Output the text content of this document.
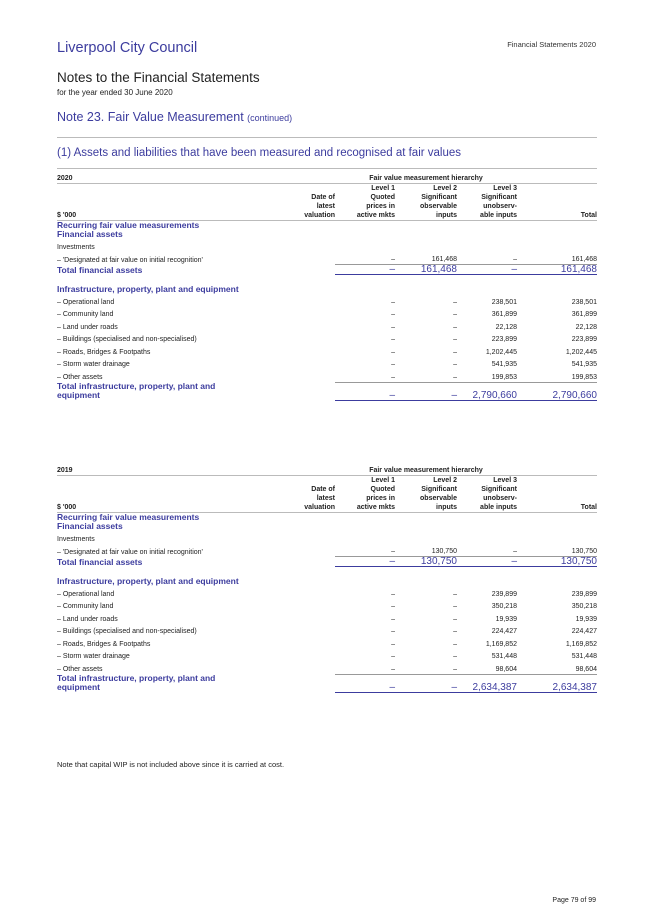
Liverpool City Council	Financial Statements 2020
Notes to the Financial Statements
for the year ended 30 June 2020
Note 23. Fair Value Measurement (continued)
(1) Assets and liabilities that have been measured and recognised at fair values
2020		Fair value measurement hierarchy			
$ '000	Date of
latest
valuation	Level 1
Quoted
prices in
active mkts	Level 2
Significant
observable
inputs	Level 3
Significant
unobserv-
able inputs	Total
Recurring fair value measurements					
Financial assets					
Investments					
– 'Designated at fair value on initial recognition'		–	161,468	–	161,468
Total financial assets		–	161,468	–	161,468
Infrastructure, property, plant and equipment					
– Operational land		–	–	238,501	238,501
– Community land		–	–	361,899	361,899
– Land under roads		–	–	22,128	22,128
– Buildings (specialised and non-specialised)		–	–	223,899	223,899
– Roads, Bridges & Footpaths		–	–	1,202,445	1,202,445
– Storm water drainage		–	–	541,935	541,935
– Other assets		–	–	199,853	199,853
Total infrastructure, property, plant and
equipment		–	–	2,790,660	2,790,660
2019		Fair value measurement hierarchy			
$ '000	Date of
latest
valuation	Level 1
Quoted
prices in
active mkts	Level 2
Significant
observable
inputs	Level 3
Significant
unobserv-
able inputs	Total
Recurring fair value measurements					
Financial assets					
Investments					
– 'Designated at fair value on initial recognition'		–	130,750	–	130,750
Total financial assets		–	130,750	–	130,750
Infrastructure, property, plant and equipment					
– Operational land		–	–	239,899	239,899
– Community land		–	–	350,218	350,218
– Land under roads		–	–	19,939	19,939
– Buildings (specialised and non-specialised)		–	–	224,427	224,427
– Roads, Bridges & Footpaths		–	–	1,169,852	1,169,852
– Storm water drainage		–	–	531,448	531,448
– Other assets		–	–	98,604	98,604
Total infrastructure, property, plant and
equipment		–	–	2,634,387	2,634,387
Note that capital WIP is not included above since it is carried at cost.
Page 79 of 99
